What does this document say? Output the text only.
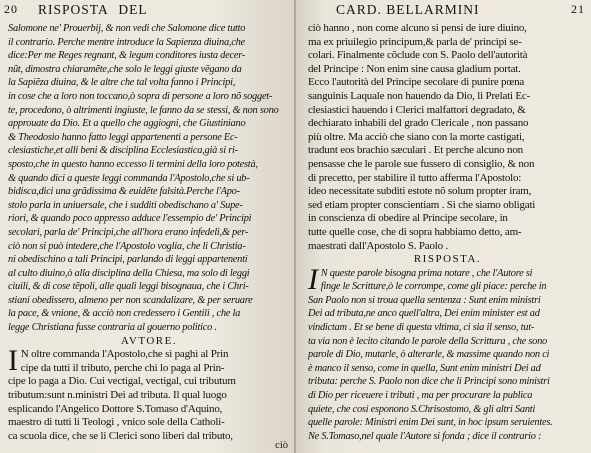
20 RISPOSTA DEL
Salomone ne' Prouerbij, & non vedi che Salomone dice tutto
il contrario. Perche mentre introduce la Sapienza diuina,che
dice:Per me Reges regnant, & legum conditores iusta decer-
nũt, dimostra chiaramẽte,che solo le leggi giuste vẽgano da
la Sapiẽza diuina, & le altre che tal volta fanno i Principi,
in cose che a loro non toccano,ò sopra di persone a loro nõ sogget-
te, procedono, ò altrimenti ingiuste, le fanno da se stessi, & non sono
approuate da Dio. Et a quello che aggiogni, che Giustiniano
& Theodosio hanno fatto leggi appartenenti a persone Ec-
clesiastiche,et alli beni & disciplina Ecclesiastica,già si ri-
sposto,che in questo hanno eccesso li termini della loro potestà,
& quando dici a queste leggi commanda l'Apostolo,che si ub-
bidisca,dici una grãdissima & euidẽte falsità.Perche l'Apo-
stolo parla in uniuersale, che i sudditi obedischano a' Supe-
riori, & quando poco appresso adduce l'essempio de' Principi
secolari, parla de' Principi,che all'hora erano infedeli,& per-
ciò non si può intedere,che l'Apostolo voglia, che li Christia-
ni obedischino a tali Principi, parlando di leggi appartenenti
al culto diuino,ò alla disciplina della Chiesa, ma solo di leggi
ciuili, & di cose tẽpoli, alle quali leggi bisognaua, che i Chri-
stiani obedissero, almeno per non scandalizare, & per seruare
la pace, & vnione, & acciò non credessero i Gentili , che la
legge Christiana fusse contraria al gouerno politico .
AVTORE.
I N oltre commanda l'Apostolo,che si paghi al Prin
cipe da tutti il tributo, perche chi lo paga al Prin-
cipe lo paga a Dio. Cui vectigal, vectigal, cui tributum
tributum:sunt n.ministri Dei ad tributa. Il qual luogo
esplicando l'Angelico Dottore S.Tomaso d'Aquino,
maestro di tutti li Teologi , vnico sole della Catholi-
ca scuola dice, che se li Clerici sono liberi dal tributo,
ciò
CARD. BELLARMINI	21
ciò hanno , non come alcuno si pensi de iure diuino,
ma ex priuilegio principum,& parla de' principi se-
colari. Finalmente cõclude con S. Paolo dell'autorità
del Principe : Non enim sine causa gladium portat.
Ecco l'autorità del Principe secolare di punire pœna
sanguinis Laquale non hauendo da Dio, li Prelati Ec-
clesiastici hauendo i Clerici malfattori degradato, &
dechiarato inhabili del grado Clericale , non passano
più oltre. Ma acciò che siano con la morte castigati,
tradunt eos brachio sæculari . Et perche alcuno non
pensasse che le parole sue fussero di consiglio, & non
di precetto, per stabilire il tutto afferma l'Apostolo:
ideo necessitate subditi estote nõ solum propter iram,
sed etiam propter conscientiam . Si che siamo obligati
in conscienza di obedire al Principe secolare, in
tutte quelle cose, che di sopra habbiamo detto, am-
maestrati dall'Apostolo S. Paolo .
RISPOSTA.
I N queste parole bisogna prima notare , che l'Autore si
finge le Scritture,ò le corrompe, come gli piace: perche in
San Paolo non si troua quella sentenza : Sunt enim ministri
Dei ad tributa,ne anco quell'altra, Dei enim minister est ad
vindictam . Et se bene di questa vltima, ci sia il senso, tut-
ta via non è lecito citando le parole della Scrittura , che sono
parole di Dio, mutarle, ò alterarle, & massime quando non ci
è manco il senso, come in quella, Sunt enim ministri Dei ad
tributa: perche S. Paolo non dice che li Principi sono ministri
di Dio per riceuere i tributi , ma per procurare la publica
quiete, che cosi esponono S.Chrisostomo, & gli altri Santi
quelle parole: Ministri enim Dei sunt, in hoc ipsum seruientes.
Ne S.Tomaso,nel quale l'Autore si fonda ; dice il contrario :
